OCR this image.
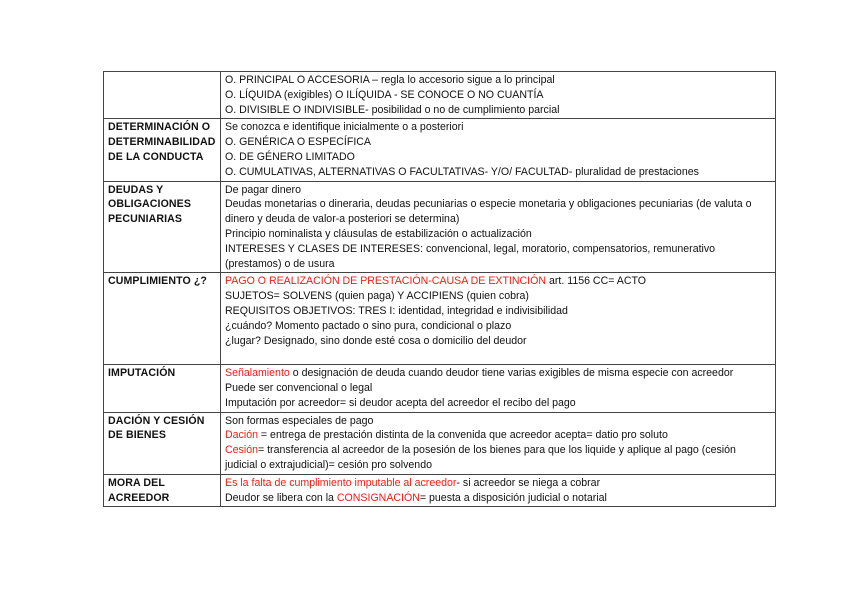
	O. PRINCIPAL O ACCESORIA – regla lo accesorio sigue a lo principal
O. LÍQUIDA (exigibles) O ILÍQUIDA - SE CONOCE O NO CUANTÍA
O. DIVISIBLE O INDIVISIBLE- posibilidad o no de cumplimiento parcial

DETERMINACIÓN O DETERMINABILIDAD DE LA CONDUCTA	Se conozca e identifique inicialmente o a posteriori
O. GENÉRICA O ESPECÍFICA
O. DE GÉNERO LIMITADO
O. CUMULATIVAS, ALTERNATIVAS O FACULTATIVAS- Y/O/ FACULTAD- pluralidad de prestaciones

DEUDAS Y OBLIGACIONES PECUNIARIAS	De pagar dinero
Deudas monetarias o dineraria, deudas pecuniarias o especie monetaria y obligaciones pecuniarias (de valuta o dinero y deuda de valor-a posteriori se determina)
Principio nominalista y cláusulas de estabilización o actualización
INTERESES Y CLASES DE INTERESES: convencional, legal, moratorio, compensatorios, remunerativo (prestamos) o de usura

CUMPLIMIENTO ¿?	PAGO O REALIZACIÓN DE PRESTACIÓN-CAUSA DE EXTINCIÓN art. 1156 CC= ACTO
SUJETOS= SOLVENS (quien paga) Y ACCIPIENS (quien cobra)
REQUISITOS OBJETIVOS: TRES I: identidad, integridad e indivisibilidad
¿cuándo? Momento pactado o sino pura, condicional o plazo
¿lugar? Designado, sino donde esté cosa o domicilio del deudor

IMPUTACIÓN	Señalamiento o designación de deuda cuando deudor tiene varias exigibles de misma especie con acreedor
Puede ser convencional o legal
Imputación por acreedor= si deudor acepta del acreedor el recibo del pago

DACIÓN Y CESIÓN DE BIENES	Son formas especiales de pago
Dación = entrega de prestación distinta de la convenida que acreedor acepta= datio pro soluto
Cesión= transferencia al acreedor de la posesión de los bienes para que los liquide y aplique al pago (cesión judicial o extrajudicial)= cesión pro solvendo

MORA DEL ACREEDOR	Es la falta de cumplimiento imputable al acreedor- si acreedor se niega a cobrar
Deudor se libera con la CONSIGNACIÓN= puesta a disposición judicial o notarial
